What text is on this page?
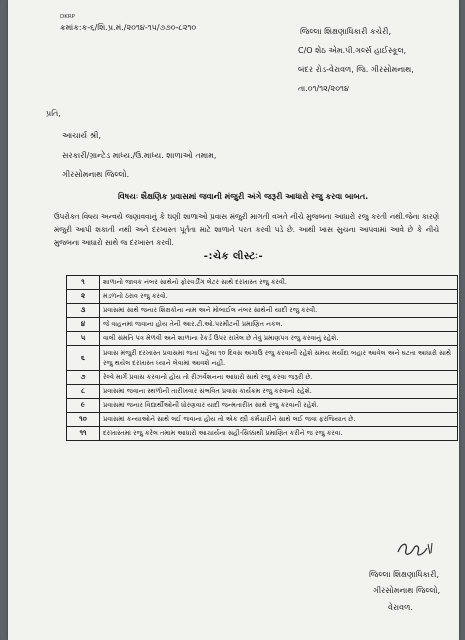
DKRP
ક્રમાંક:ક-૬/શિ.પ્ર.મં./૨૦૧૪-૧૫/૭૭૦-૮૨૧૦	જિલ્લા શિક્ષણાધિકારી કચેરી,
C/O શેઠ એમ.પી.ગર્લ્સ હાઈસ્કૂલ,
બંદર રોડ-વેરાવળ, જિ. ગીરસોમનાથ,
તા.૦૧/૧૨/૨૦૧૪
પ્રતિ,
આચાર્ય શ્રી,
સરકારી/ગ્રાન્ટેડ માધ્ય./ઉ.માધ્ય. શાળાઓ તમામ,
ગીરસોમનાથ જિલ્લો.
વિષયઃ શૈક્ષણિક પ્રવાસમાં જવાની મંજુરી અંગે જરૂરી આધારો રજુ કરવા બાબત.
ઉપરોક્ત વિષય અન્વયે જણાવવાનું કે ઘણી શાળાઓ પ્રવાસ મંજુરી માગતી વખતે નીચે મુજબના આધારો રજુ કરતી નથી.જેના કારણે મંજુરી આપી શકાતી નથી અને દરખાસ્ત પૂર્તતા માટે શાળાને પરત કરવી પડે છે. આથી ખાસ સુચના આપવામાં આવે છે કે નીચે મુજબના આધારો સાથે જ દરખાસ્ત કરવી.
-:ચેક લીસ્ટઃ-
૧	શાળાનો જાવક નંબર સાથેનો ફોરવર્ડીંગ લેટર સાથે દરખાસ્ત રજુ કરવી.

૨	મંડળનો ઠરાવ રજુ કરવો.

૩	પ્રવાસમાં સાથે જનાર શિક્ષકોના નામ અને મોબાઈલ નંબર સાથેની યાદી રજુ કરવી.

૪	જે વાહનમાં જવાના હોય તેની આર.ટી.ઓ.પરમીટની પ્રમાણિત નકલ.

૫	વાલી સંમતિ પત્ર મેળવી અને શાળાના રેકર્ડ ઉપર રાખેલ છે તેવું પ્રમાણપત્ર રજુ કરવાનું રહેશે.

૬	પ્રવાસ મંજુરી દરખાસ્ત પ્રવાસમાં જતાં પહેલા ૧૦ દિવસ અગાઉ રજુ કરવાની રહેશે સમય મર્યાદા બહાર આવેલ અને ઘટતા આધારો સાથે રજુ થયેલ દરખાસ્ત ધ્યાને લેવામાં આવશે નહી.

૭	રેલ્વે માર્ગે પ્રવાસ કરવાનો હોય તો રીઝર્વેશનના આધારો સાથે રજુ કરવા જરૂરી છે.

૮	પ્રવાસમાં જવાના સ્થળોની તારીખવાર સંભવિત પ્રવાસ કાર્યક્રમ રજુ કરવાનો રહેશે.

૯	પ્રવાસમાં જનાર વિદ્યાર્થીઓની ધોરણવાર યાદી જન્મતારીખ સાથે રજુ કરવાની રહેશે.

૧૦	પ્રવાસમાં કન્યાઓને સાથે લઈ જવાના હોય તો એક સ્ત્રી કર્મચારીને સાથે લઈ જવા ફરજિયાત છે.

૧૧	દરખાસ્તમાં રજુ કરેલ તમામ આધારો આચાર્યના સહી-સિક્કાથી પ્રમાણિત કરીને જ રજુ કરવા.
જિલ્લા શિક્ષણાધિકારી,
ગીરસોમનાથ જિલ્લો,
વેરાવળ.
